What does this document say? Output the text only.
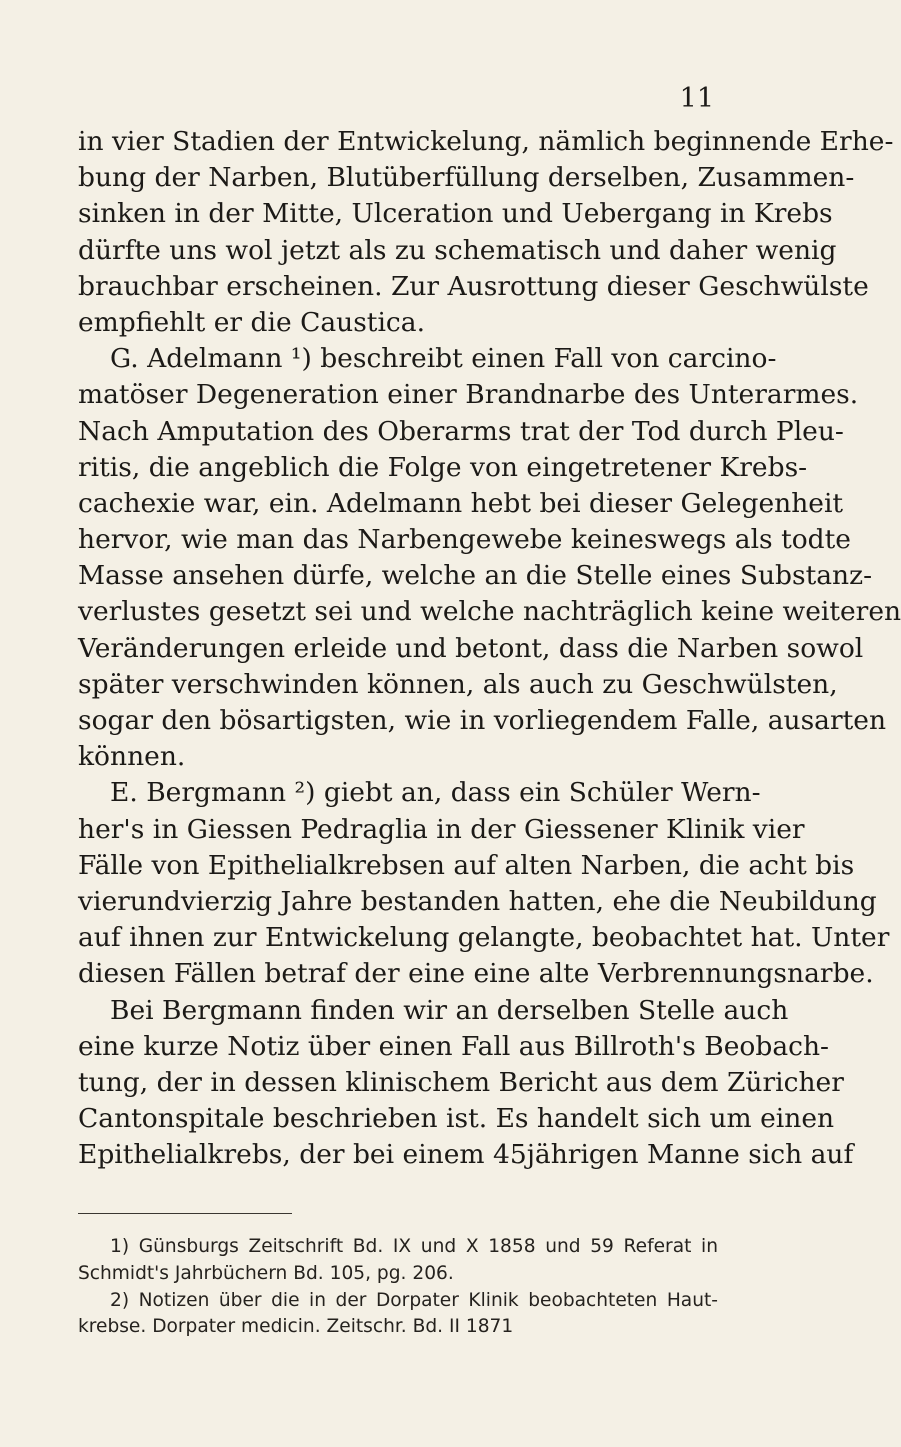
11
in vier Stadien der Entwickelung, nämlich beginnende Erhe-
bung der Narben, Blutüberfüllung derselben, Zusammen-
sinken in der Mitte, Ulceration und Uebergang in Krebs
dürfte uns wol jetzt als zu schematisch und daher wenig
brauchbar erscheinen. Zur Ausrottung dieser Geschwülste
empfiehlt er die Caustica.
G. Adelmann ¹) beschreibt einen Fall von carcino-
matöser Degeneration einer Brandnarbe des Unterarmes.
Nach Amputation des Oberarms trat der Tod durch Pleu-
ritis, die angeblich die Folge von eingetretener Krebs-
cachexie war, ein. Adelmann hebt bei dieser Gelegenheit
hervor, wie man das Narbengewebe keineswegs als todte
Masse ansehen dürfe, welche an die Stelle eines Substanz-
verlustes gesetzt sei und welche nachträglich keine weiteren
Veränderungen erleide und betont, dass die Narben sowol
später verschwinden können, als auch zu Geschwülsten,
sogar den bösartigsten, wie in vorliegendem Falle, ausarten
können.
E. Bergmann ²) giebt an, dass ein Schüler Wern-
her's in Giessen Pedraglia in der Giessener Klinik vier
Fälle von Epithelialkrebsen auf alten Narben, die acht bis
vierundvierzig Jahre bestanden hatten, ehe die Neubildung
auf ihnen zur Entwickelung gelangte, beobachtet hat. Unter
diesen Fällen betraf der eine eine alte Verbrennungsnarbe.
Bei Bergmann finden wir an derselben Stelle auch
eine kurze Notiz über einen Fall aus Billroth's Beobach-
tung, der in dessen klinischem Bericht aus dem Züricher
Cantonspitale beschrieben ist. Es handelt sich um einen
Epithelialkrebs, der bei einem 45jährigen Manne sich auf
1) Günsburgs Zeitschrift Bd. IX und X 1858 und 59 Referat in
Schmidt's Jahrbüchern Bd. 105, pg. 206.
2) Notizen über die in der Dorpater Klinik beobachteten Haut-
krebse. Dorpater medicin. Zeitschr. Bd. II 1871
